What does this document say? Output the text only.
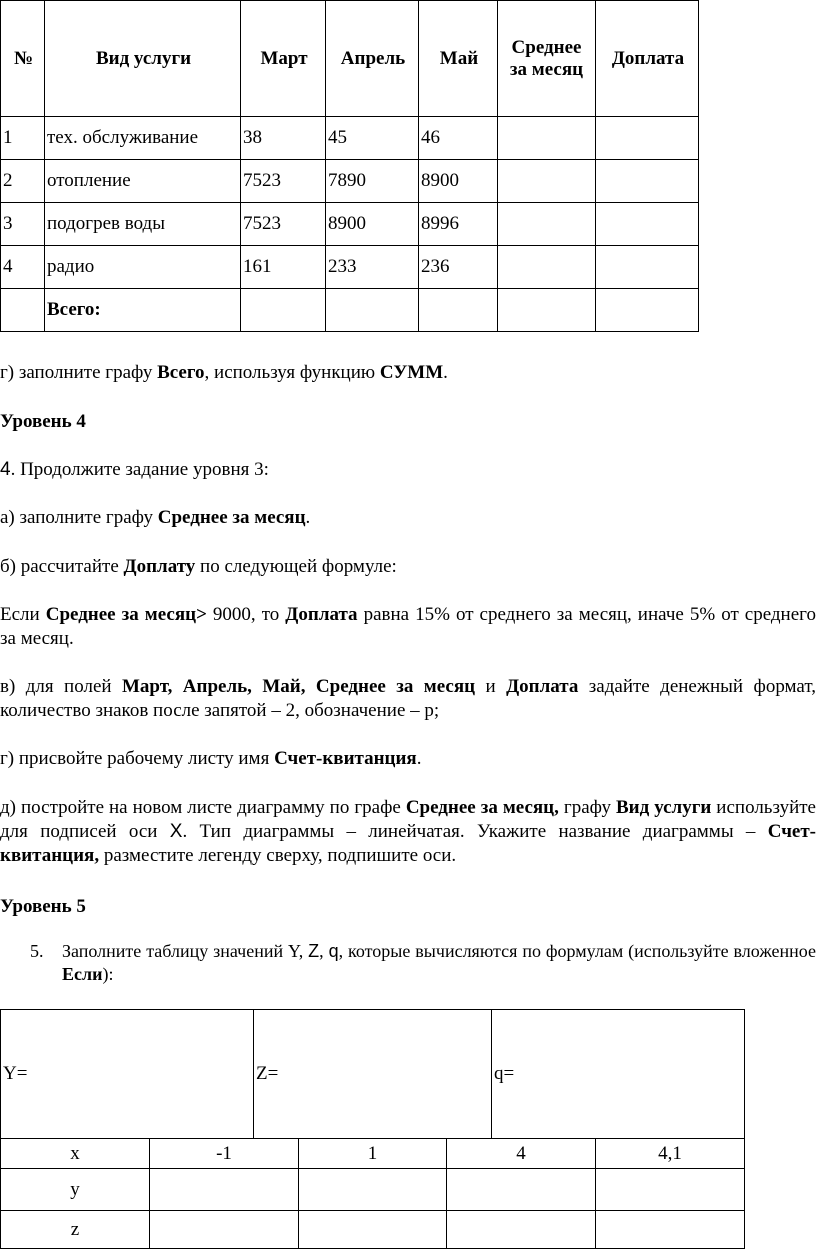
№	Вид услуги	Март	Апрель	Май	Среднее за месяц	Доплата
1	тех. обслуживание	38	45	46		
2	отопление	7523	7890	8900		
3	подогрев воды	7523	8900	8996		
4	радио	161	233	236		
	Всего:					

г) заполните графу Всего, используя функцию СУММ.

Уровень 4

4. Продолжите задание уровня 3:

а) заполните графу Среднее за месяц.

б) рассчитайте Доплату по следующей формуле:

Если Среднее за месяц> 9000, то Доплата равна 15% от среднего за месяц, иначе 5% от среднего за месяц.

в) для полей Март, Апрель, Май, Среднее за месяц и Доплата задайте денежный формат, количество знаков после запятой – 2, обозначение – р;

г) присвойте рабочему листу имя Счет-квитанция.

д) постройте на новом листе диаграмму по графе Среднее за месяц, графу Вид услуги используйте для подписей оси Х. Тип диаграммы – линейчатая. Укажите название диаграммы – Счет-квитанция, разместите легенду сверху, подпишите оси.

Уровень 5

5. Заполните таблицу значений Y, Z, q, которые вычисляются по формулам (используйте вложенное Если):

Y=	Z=	q=
x	-1	1	4	4,1
y				
z				
